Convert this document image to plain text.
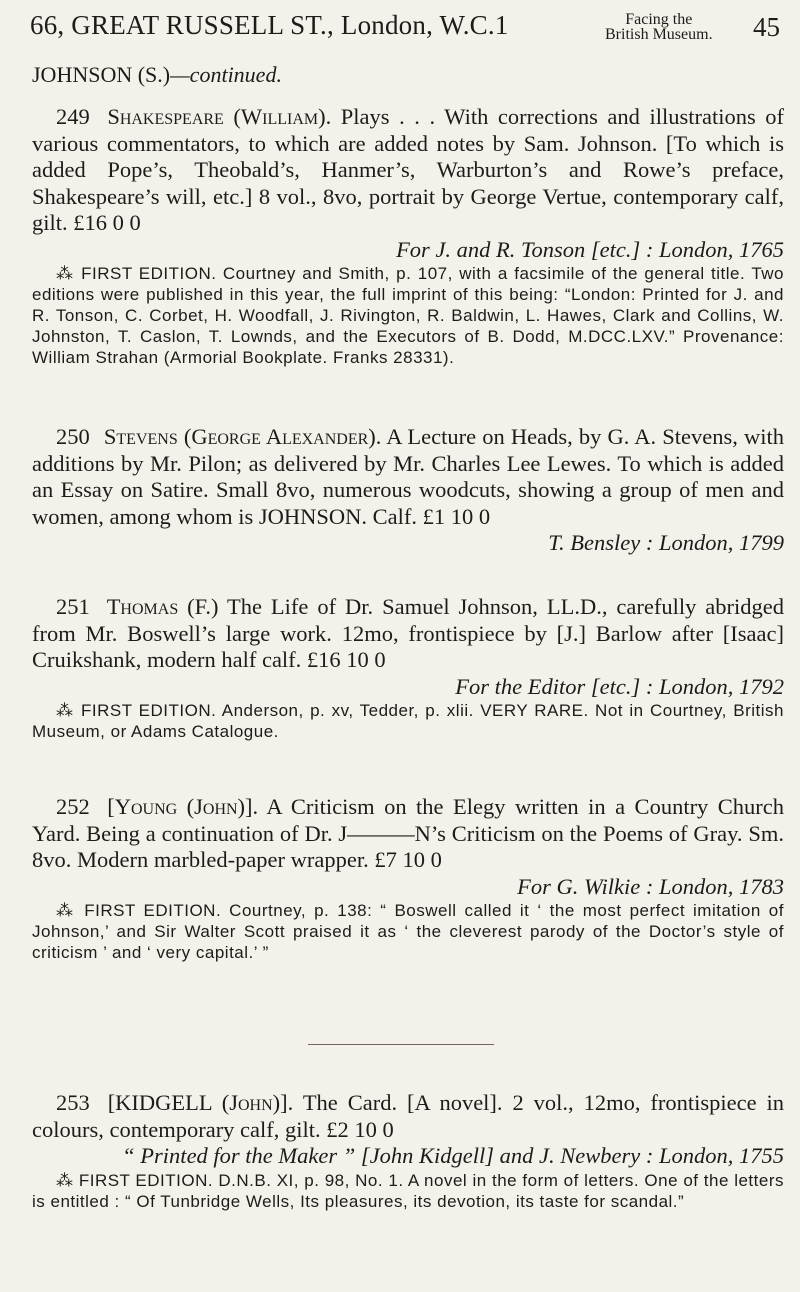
66, GREAT RUSSELL ST., London, W.C.1	Facing the
British Museum. 45
JOHNSON (S.)—continued.

249 Shakespeare (William). Plays . . . With corrections and illustrations of various commentators, to which are added notes by Sam. Johnson. [To which is added Pope’s, Theobald’s, Hanmer’s, Warburton’s and Rowe’s preface, Shakespeare’s will, etc.] 8 vol., 8vo, portrait by George Vertue, contemporary calf, gilt. £16 0 0

For J. and R. Tonson [etc.] : London, 1765

⁂ FIRST EDITION. Courtney and Smith, p. 107, with a facsimile of the general title. Two editions were published in this year, the full imprint of this being: “London: Printed for J. and R. Tonson, C. Corbet, H. Woodfall, J. Rivington, R. Baldwin, L. Hawes, Clark and Collins, W. Johnston, T. Caslon, T. Lownds, and the Executors of B. Dodd, M.DCC.LXV.” Provenance: William Strahan (Armorial Bookplate. Franks 28331).

250 Stevens (George Alexander). A Lecture on Heads, by G. A. Stevens, with additions by Mr. Pilon; as delivered by Mr. Charles Lee Lewes. To which is added an Essay on Satire. Small 8vo, numerous woodcuts, showing a group of men and women, among whom is JOHNSON. Calf. £1 10 0

T. Bensley : London, 1799

251 Thomas (F.) The Life of Dr. Samuel Johnson, LL.D., carefully abridged from Mr. Boswell’s large work. 12mo, frontispiece by [J.] Barlow after [Isaac] Cruikshank, modern half calf. £16 10 0

For the Editor [etc.] : London, 1792

⁂ FIRST EDITION. Anderson, p. xv, Tedder, p. xlii. VERY RARE. Not in Courtney, British Museum, or Adams Catalogue.

252 [Young (John)]. A Criticism on the Elegy written in a Country Church Yard. Being a continuation of Dr. J———N’s Criticism on the Poems of Gray. Sm. 8vo. Modern marbled-paper wrapper. £7 10 0

For G. Wilkie : London, 1783

⁂ FIRST EDITION. Courtney, p. 138: “ Boswell called it ‘ the most perfect imitation of Johnson,’ and Sir Walter Scott praised it as ‘ the cleverest parody of the Doctor’s style of criticism ’ and ‘ very capital.’ ”

253 [KIDGELL (John)]. The Card. [A novel]. 2 vol., 12mo, frontispiece in colours, contemporary calf, gilt. £2 10 0

“ Printed for the Maker ” [John Kidgell] and J. Newbery : London, 1755

⁂ FIRST EDITION. D.N.B. XI, p. 98, No. 1. A novel in the form of letters. One of the letters is entitled : “ Of Tunbridge Wells, Its pleasures, its devotion, its taste for scandal.”
